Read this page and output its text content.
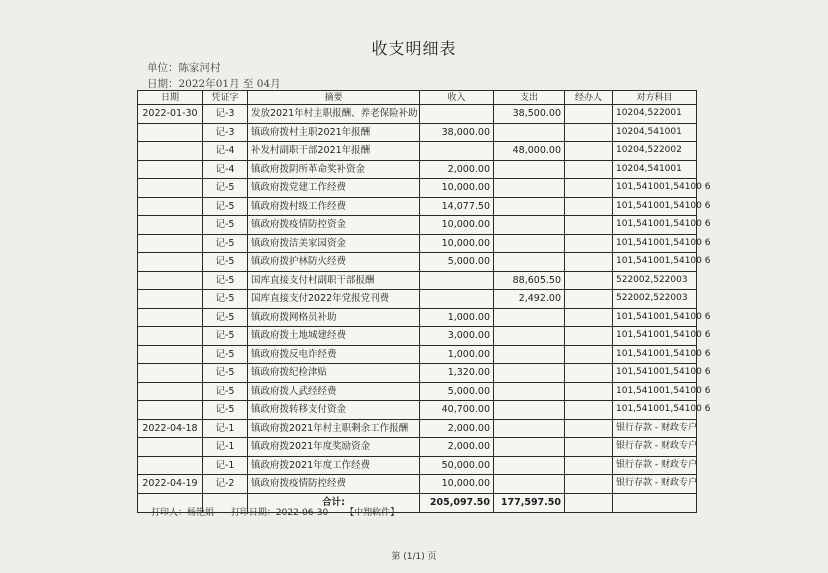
收支明细表
单位：陈家河村
日期：2022年01月 至 04月
日期	凭证字	摘要	收入	支出	经办人	对方科目
2022-01-30	记-3	发放2021年村主职报酬、养老保险补助		38,500.00		10204,522001
	记-3	镇政府拨村主职2021年报酬	38,000.00			10204,541001
	记-4	补发村副职干部2021年报酬		48,000.00		10204,522002
	记-4	镇政府拨阴所革命奖补资金	2,000.00			10204,541001
	记-5	镇政府拨党建工作经费	10,000.00			101,541001,54100 6
	记-5	镇政府拨村级工作经费	14,077.50			101,541001,54100 6
	记-5	镇政府拨疫情防控资金	10,000.00			101,541001,54100 6
	记-5	镇政府拨洁美家园资金	10,000.00			101,541001,54100 6
	记-5	镇政府拨护林防火经费	5,000.00			101,541001,54100 6
	记-5	国库直接支付村副职干部报酬		88,605.50		522002,522003
	记-5	国库直接支付2022年党报党刊费		2,492.00		522002,522003
	记-5	镇政府拨网格员补助	1,000.00			101,541001,54100 6
	记-5	镇政府拨土地城建经费	3,000.00			101,541001,54100 6
	记-5	镇政府拨反电诈经费	1,000.00			101,541001,54100 6
	记-5	镇政府拨纪检津贴	1,320.00			101,541001,54100 6
	记-5	镇政府拨人武经经费	5,000.00			101,541001,54100 6
	记-5	镇政府拨转移支付资金	40,700.00			101,541001,54100 6
2022-04-18	记-1	镇政府拨2021年村主职剩余工作报酬	2,000.00			银行存款 - 财政专户
	记-1	镇政府拨2021年度奖励资金	2,000.00			银行存款 - 财政专户
	记-1	镇政府拨2021年度工作经费	50,000.00			银行存款 - 财政专户
2022-04-19	记-2	镇政府拨疫情防控经费	10,000.00			银行存款 - 财政专户
		合计:	205,097.50	177,597.50		
打印人：杨艳娟 打印日期：2022-06-30 【中翔软件】
第 (1/1) 页
